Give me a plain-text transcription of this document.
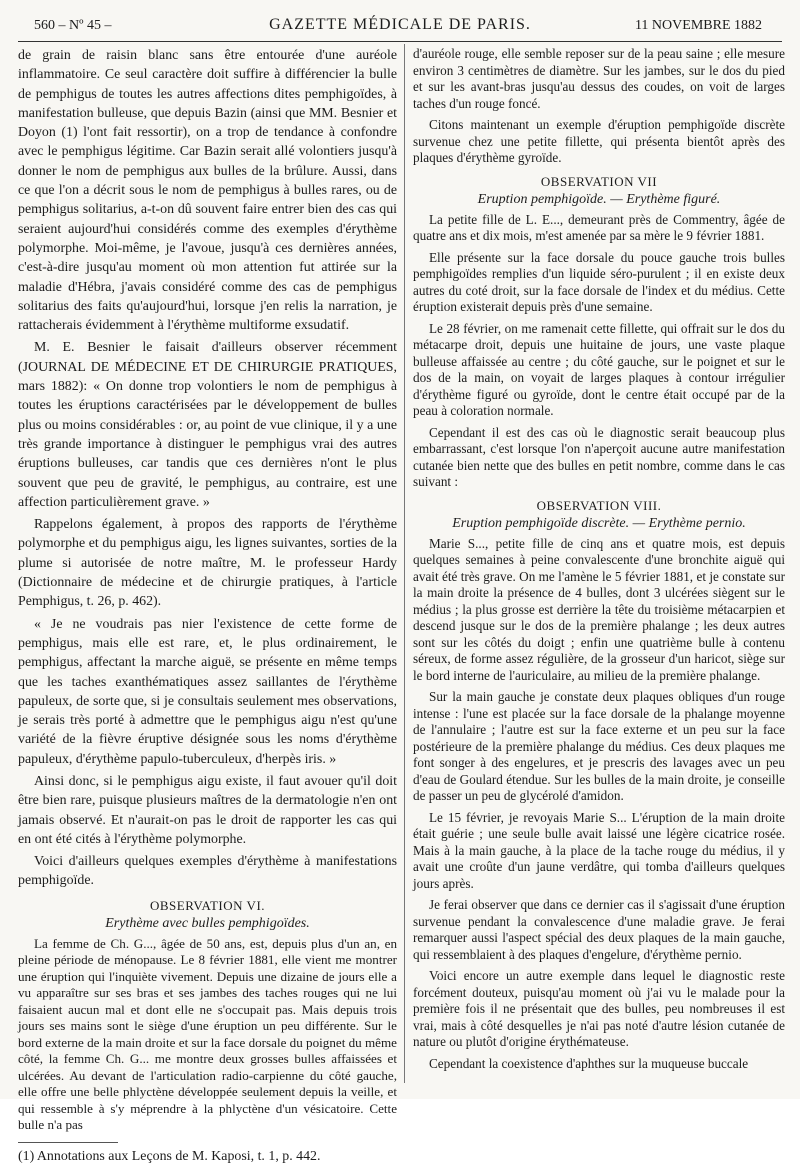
560 – Nº 45 –	GAZETTE MÉDICALE DE PARIS.	11 NOVEMBRE 1882

de grain de raisin blanc sans être entourée d'une auréole inflammatoire. Ce seul caractère doit suffire à différencier la bulle de pemphigus de toutes les autres affections dites pemphigoïdes, à manifestation bulleuse, que depuis Bazin (ainsi que MM. Besnier et Doyon (1) l'ont fait ressortir), on a trop de tendance à confondre avec le pemphigus légitime. Car Bazin serait allé volontiers jusqu'à donner le nom de pemphigus aux bulles de la brûlure. Aussi, dans ce que l'on a décrit sous le nom de pemphigus à bulles rares, ou de pemphigus solitarius, a-t-on dû souvent faire entrer bien des cas qui seraient aujourd'hui considérés comme des exemples d'érythème polymorphe. Moi-même, je l'avoue, jusqu'à ces dernières années, c'est-à-dire jusqu'au moment où mon attention fut attirée sur la maladie d'Hébra, j'avais considéré comme des cas de pemphigus solitarius des faits qu'aujourd'hui, lorsque j'en relis la narration, je rattacherais évidemment à l'érythème multiforme exsudatif.

M. E. Besnier le faisait d'ailleurs observer récemment (JOURNAL DE MÉDECINE ET DE CHIRURGIE PRATIQUES, mars 1882): « On donne trop volontiers le nom de pemphigus à toutes les éruptions caractérisées par le développement de bulles plus ou moins considérables : or, au point de vue clinique, il y a une très grande importance à distinguer le pemphigus vrai des autres éruptions bulleuses, car tandis que ces dernières n'ont le plus souvent que peu de gravité, le pemphigus, au contraire, est une affection particulièrement grave. »

Rappelons également, à propos des rapports de l'érythème polymorphe et du pemphigus aigu, les lignes suivantes, sorties de la plume si autorisée de notre maître, M. le professeur Hardy (Dictionnaire de médecine et de chirurgie pratiques, à l'article Pemphigus, t. 26, p. 462).

« Je ne voudrais pas nier l'existence de cette forme de pemphigus, mais elle est rare, et, le plus ordinairement, le pemphigus, affectant la marche aiguë, se présente en même temps que les taches exanthématiques assez saillantes de l'érythème papuleux, de sorte que, si je consultais seulement mes observations, je serais très porté à admettre que le pemphigus aigu n'est qu'une variété de la fièvre éruptive désignée sous les noms d'érythème papuleux, d'érythème papulo-tuberculeux, d'herpès iris. »

Ainsi donc, si le pemphigus aigu existe, il faut avouer qu'il doit être bien rare, puisque plusieurs maîtres de la dermatologie n'en ont jamais observé. Et n'aurait-on pas le droit de rapporter les cas qui en ont été cités à l'érythème polymorphe.

Voici d'ailleurs quelques exemples d'érythème à manifestations pemphigoïde.

OBSERVATION VI.
Erythème avec bulles pemphigoïdes.

La femme de Ch. G..., âgée de 50 ans, est, depuis plus d'un an, en pleine période de ménopause. Le 8 février 1881, elle vient me montrer une éruption qui l'inquiète vivement. Depuis une dizaine de jours elle a vu apparaître sur ses bras et ses jambes des taches rouges qui ne lui faisaient aucun mal et dont elle ne s'occupait pas. Mais depuis trois jours ses mains sont le siège d'une éruption un peu différente. Sur le bord externe de la main droite et sur la face dorsale du poignet du même côté, la femme Ch. G... me montre deux grosses bulles affaissées et ulcérées. Au devant de l'articulation radio-carpienne du côté gauche, elle offre une belle phlyctène développée seulement depuis la veille, et qui ressemble à s'y méprendre à la phlyctène d'un vésicatoire. Cette bulle n'a pas

(1) Annotations aux Leçons de M. Kaposi, t. 1, p. 442.

d'auréole rouge, elle semble reposer sur de la peau saine ; elle mesure environ 3 centimètres de diamètre. Sur les jambes, sur le dos du pied et sur les avant-bras jusqu'au dessus des coudes, on voit de larges taches d'un rouge foncé.

Citons maintenant un exemple d'éruption pemphigoïde discrète survenue chez une petite fillette, qui présenta bientôt après des plaques d'érythème gyroïde.

OBSERVATION VII
Eruption pemphigoïde. — Erythème figuré.

La petite fille de L. E..., demeurant près de Commentry, âgée de quatre ans et dix mois, m'est amenée par sa mère le 9 février 1881.

Elle présente sur la face dorsale du pouce gauche trois bulles pemphigoïdes remplies d'un liquide séro-purulent ; il en existe deux autres du coté droit, sur la face dorsale de l'index et du médius. Cette éruption existerait depuis près d'une semaine.

Le 28 février, on me ramenait cette fillette, qui offrait sur le dos du métacarpe droit, depuis une huitaine de jours, une vaste plaque bulleuse affaissée au centre ; du côté gauche, sur le poignet et sur le dos de la main, on voyait de larges plaques à contour irrégulier d'érythème figuré ou gyroïde, dont le centre était occupé par de la peau à coloration normale.

Cependant il est des cas où le diagnostic serait beaucoup plus embarrassant, c'est lorsque l'on n'aperçoit aucune autre manifestation cutanée bien nette que des bulles en petit nombre, comme dans le cas suivant :

OBSERVATION VIII.
Eruption pemphigoïde discrète. — Erythème pernio.

Marie S..., petite fille de cinq ans et quatre mois, est depuis quelques semaines à peine convalescente d'une bronchite aiguë qui avait été très grave. On me l'amène le 5 février 1881, et je constate sur la main droite la présence de 4 bulles, dont 3 ulcérées siègent sur le médius ; la plus grosse est derrière la tête du troisième métacarpien et descend jusque sur le dos de la première phalange ; les deux autres sont sur les côtés du doigt ; enfin une quatrième bulle à contenu séreux, de forme assez régulière, de la grosseur d'un haricot, siège sur le bord interne de l'auriculaire, au milieu de la première phalange.

Sur la main gauche je constate deux plaques obliques d'un rouge intense : l'une est placée sur la face dorsale de la phalange moyenne de l'annulaire ; l'autre est sur la face externe et un peu sur la face postérieure de la première phalange du médius. Ces deux plaques me font songer à des engelures, et je prescris des lavages avec un peu d'eau de Goulard étendue. Sur les bulles de la main droite, je conseille de passer un peu de glycérolé d'amidon.

Le 15 février, je revoyais Marie S... L'éruption de la main droite était guérie ; une seule bulle avait laissé une légère cicatrice rosée. Mais à la main gauche, à la place de la tache rouge du médius, il y avait une croûte d'un jaune verdâtre, qui tomba d'ailleurs quelques jours après.

Je ferai observer que dans ce dernier cas il s'agissait d'une éruption survenue pendant la convalescence d'une maladie grave. Je ferai remarquer aussi l'aspect spécial des deux plaques de la main gauche, qui ressemblaient à des plaques d'engelure, d'érythème pernio.

Voici encore un autre exemple dans lequel le diagnostic reste forcément douteux, puisqu'au moment où j'ai vu le malade pour la première fois il ne présentait que des bulles, peu nombreuses il est vrai, mais à côté desquelles je n'ai pas noté d'autre lésion cutanée de nature ou plutôt d'origine érythémateuse.

Cependant la coexistence d'aphthes sur la muqueuse buccale
